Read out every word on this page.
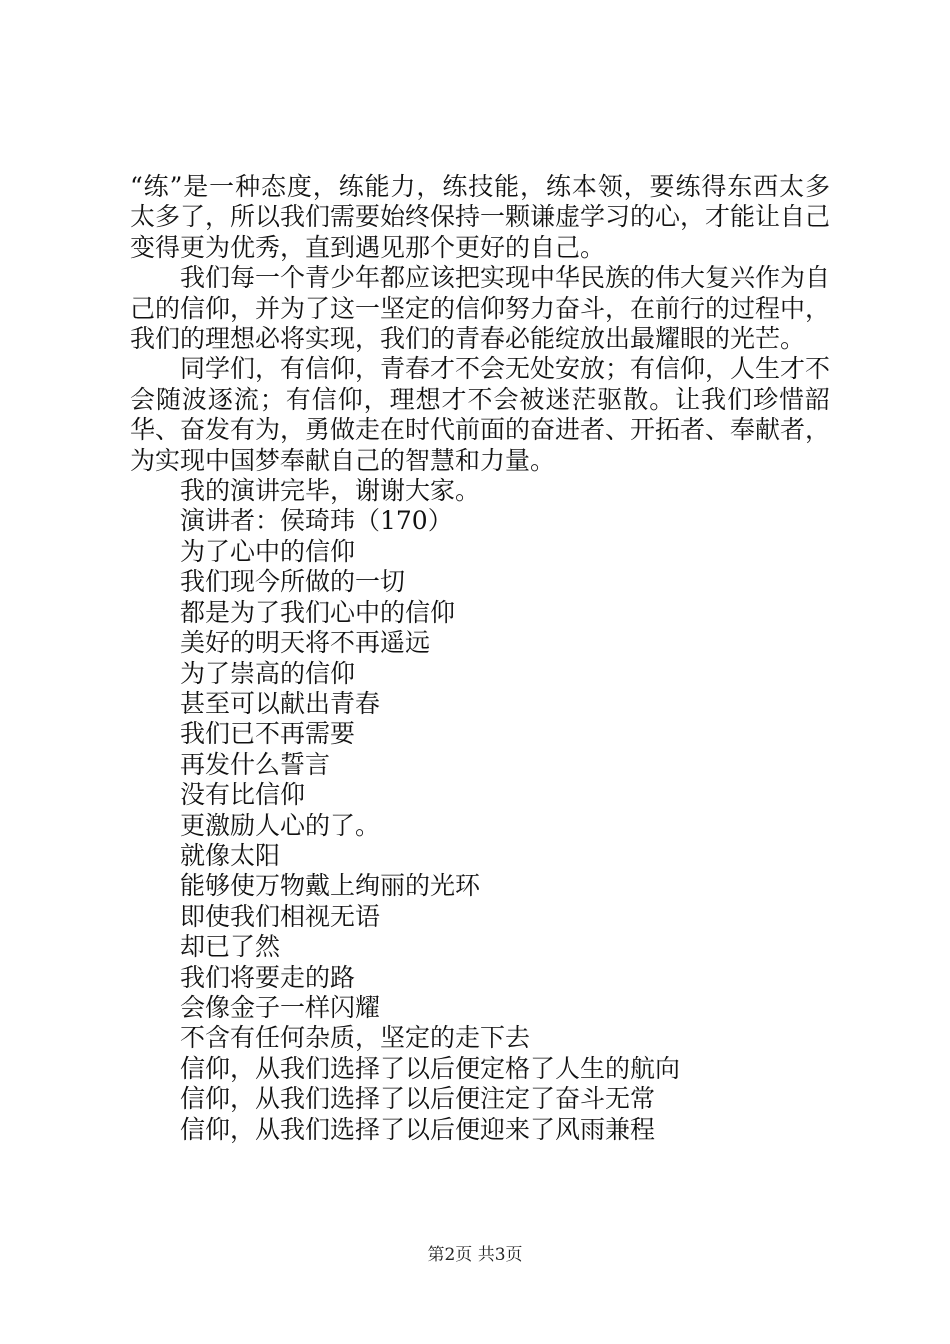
“练”是一种态度，练能力，练技能，练本领，要练得东西太多太多了，所以我们需要始终保持一颗谦虚学习的心，才能让自己变得更为优秀，直到遇见那个更好的自己。

我们每一个青少年都应该把实现中华民族的伟大复兴作为自己的信仰，并为了这一坚定的信仰努力奋斗，在前行的过程中，我们的理想必将实现，我们的青春必能绽放出最耀眼的光芒。

同学们，有信仰，青春才不会无处安放；有信仰，人生才不会随波逐流；有信仰，理想才不会被迷茫驱散。让我们珍惜韶华、奋发有为，勇做走在时代前面的奋进者、开拓者、奉献者，为实现中国梦奉献自己的智慧和力量。

我的演讲完毕，谢谢大家。
演讲者：侯琦玮（170）
为了心中的信仰
我们现今所做的一切
都是为了我们心中的信仰
美好的明天将不再遥远
为了崇高的信仰
甚至可以献出青春
我们已不再需要
再发什么誓言
没有比信仰
更激励人心的了。
就像太阳
能够使万物戴上绚丽的光环
即使我们相视无语
却已了然
我们将要走的路
会像金子一样闪耀
不含有任何杂质，坚定的走下去
信仰，从我们选择了以后便定格了人生的航向
信仰，从我们选择了以后便注定了奋斗无常
信仰，从我们选择了以后便迎来了风雨兼程
第2页 共3页
